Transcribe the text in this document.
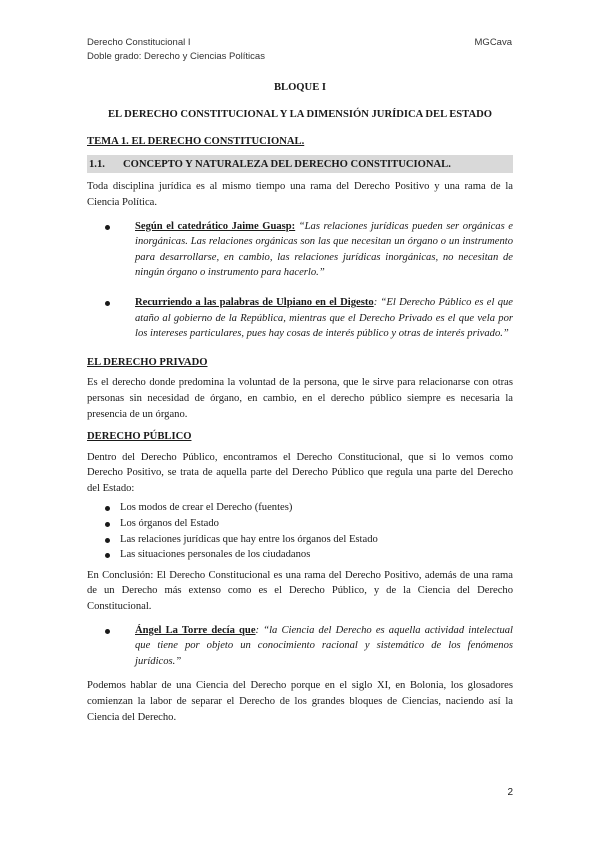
Derecho Constitucional I
Doble grado: Derecho y Ciencias Políticas
MGCava
BLOQUE I
EL DERECHO CONSTITUCIONAL Y LA DIMENSIÓN JURÍDICA DEL ESTADO
TEMA 1. EL DERECHO CONSTITUCIONAL.
1.1.	CONCEPTO Y NATURALEZA DEL DERECHO CONSTITUCIONAL.

Toda disciplina jurídica es al mismo tiempo una rama del Derecho Positivo y una rama de la Ciencia Política.

Según el catedrático Jaime Guasp: “Las relaciones jurídicas pueden ser orgánicas e inorgánicas. Las relaciones orgánicas son las que necesitan un órgano o un instrumento para desarrollarse, en cambio, las relaciones jurídicas inorgánicas, no necesitan de ningún órgano o instrumento para hacerlo.”
Recurriendo a las palabras de Ulpiano en el Digesto: “El Derecho Público es el que ataño al gobierno de la República, mientras que el Derecho Privado es el que vela por los intereses particulares, pues hay cosas de interés público y otras de interés privado.”
EL DERECHO PRIVADO

Es el derecho donde predomina la voluntad de la persona, que le sirve para relacionarse con otras personas sin necesidad de órgano, en cambio, en el derecho público siempre es necesaria la presencia de un órgano.

DERECHO PÚBLICO

Dentro del Derecho Público, encontramos el Derecho Constitucional, que si lo vemos como Derecho Positivo, se trata de aquella parte del Derecho Público que regula una parte del Derecho del Estado:

Los modos de crear el Derecho (fuentes)
Los órganos del Estado
Las relaciones jurídicas que hay entre los órganos del Estado
Las situaciones personales de los ciudadanos

En Conclusión: El Derecho Constitucional es una rama del Derecho Positivo, además de una rama de un Derecho más extenso como es el Derecho Público, y de la Ciencia del Derecho Constitucional.

Ángel La Torre decía que: “la Ciencia del Derecho es aquella actividad intelectual que tiene por objeto un conocimiento racional y sistemático de los fenómenos jurídicos.”

Podemos hablar de una Ciencia del Derecho porque en el siglo XI, en Bolonia, los glosadores comienzan la labor de separar el Derecho de los grandes bloques de Ciencias, naciendo así la Ciencia del Derecho.

2
